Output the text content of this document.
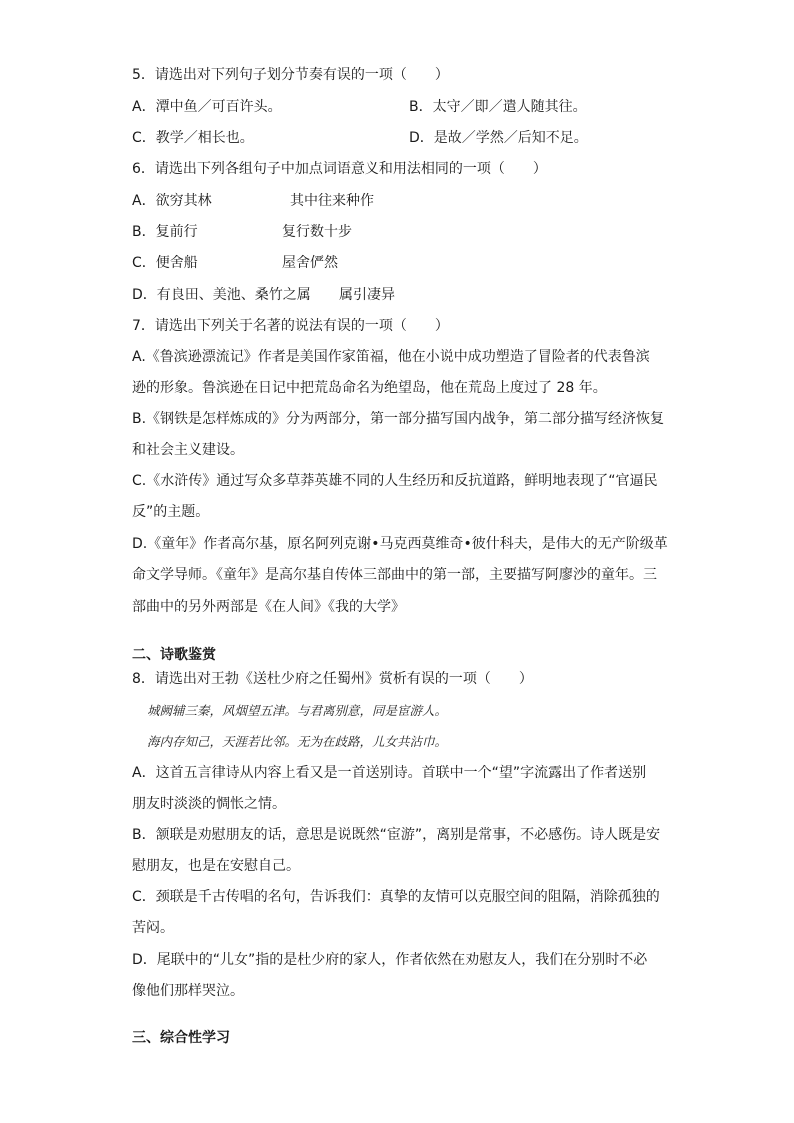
5．请选出对下列句子划分节奏有误的一项（　　）
A．潭中鱼／可百许头。	B．太守／即／遣人随其往。
C．教学／相长也。	D．是故／学然／后知不足。
6．请选出下列各组句子中加点词语意义和用法相同的一项（　　）
A．欲穷其林	其中往来种作
B．复前行	复行数十步
C．便舍船	屋舍俨然
D．有良田、美池、桑竹之属 属引凄异
7．请选出下列关于名著的说法有误的一项（　　）
A.《鲁滨逊漂流记》作者是美国作家笛福，他在小说中成功塑造了冒险者的代表鲁滨
逊的形象。鲁滨逊在日记中把荒岛命名为绝望岛，他在荒岛上度过了 28 年。
B.《钢铁是怎样炼成的》分为两部分，第一部分描写国内战争，第二部分描写经济恢复
和社会主义建设。
C.《水浒传》通过写众多草莽英雄不同的人生经历和反抗道路，鲜明地表现了“官逼民
反”的主题。
D.《童年》作者高尔基，原名阿列克谢•马克西莫维奇•彼什科夫，是伟大的无产阶级革
命文学导师。《童年》是高尔基自传体三部曲中的第一部，主要描写阿廖沙的童年。三
部曲中的另外两部是《在人间》《我的大学》
二、诗歌鉴赏
8．请选出对王勃《送杜少府之任蜀州》赏析有误的一项（　　）
城阙辅三秦，风烟望五津。与君离别意，同是宦游人。
海内存知己，天涯若比邻。无为在歧路，儿女共沾巾。
A．这首五言律诗从内容上看又是一首送别诗。首联中一个“望”字流露出了作者送别
朋友时淡淡的惆怅之情。
B．颔联是劝慰朋友的话，意思是说既然“宦游”，离别是常事，不必感伤。诗人既是安
慰朋友，也是在安慰自己。
C．颈联是千古传唱的名句，告诉我们：真挚的友情可以克服空间的阻隔，消除孤独的
苦闷。
D．尾联中的“儿女”指的是杜少府的家人，作者依然在劝慰友人，我们在分别时不必
像他们那样哭泣。
三、综合性学习
